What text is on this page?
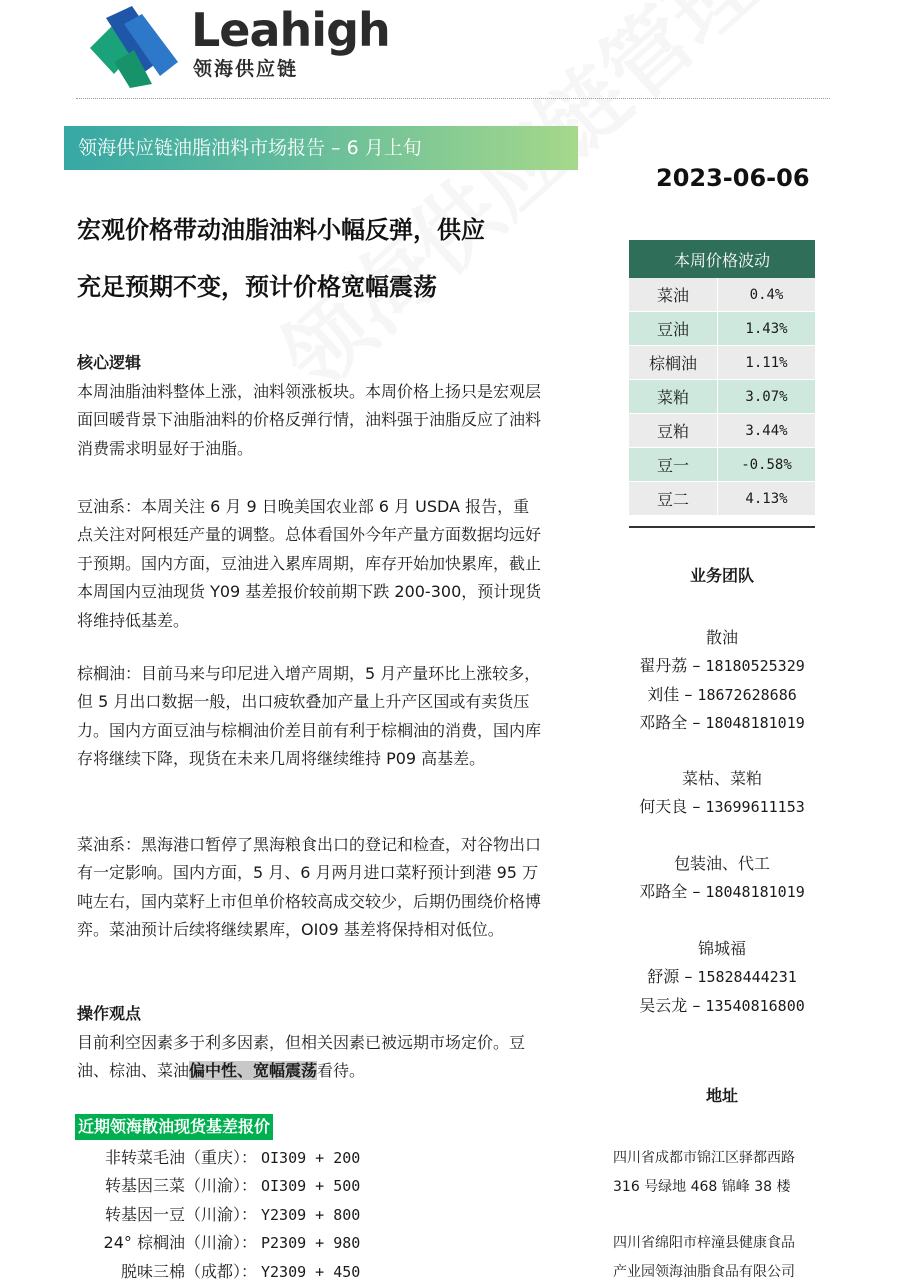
Leahigh
领海供应链
领海供应链油脂油料市场报告 – 6 月上旬
2023-06-06
宏观价格带动油脂油料小幅反弹，供应
充足预期不变，预计价格宽幅震荡
核心逻辑

本周油脂油料整体上涨，油料领涨板块。本周价格上扬只是宏观层面回暖背景下油脂油料的价格反弹行情，油料强于油脂反应了油料消费需求明显好于油脂。

豆油系：本周关注 6 月 9 日晚美国农业部 6 月 USDA 报告，重点关注对阿根廷产量的调整。总体看国外今年产量方面数据均远好于预期。国内方面，豆油进入累库周期，库存开始加快累库，截止本周国内豆油现货 Y09 基差报价较前期下跌 200-300，预计现货将维持低基差。

棕榈油：目前马来与印尼进入增产周期，5 月产量环比上涨较多，但 5 月出口数据一般，出口疲软叠加产量上升产区国或有卖货压力。国内方面豆油与棕榈油价差目前有利于棕榈油的消费，国内库存将继续下降，现货在未来几周将继续维持 P09 高基差。

菜油系：黑海港口暂停了黑海粮食出口的登记和检查，对谷物出口有一定影响。国内方面，5 月、6 月两月进口菜籽预计到港 95 万吨左右，国内菜籽上市但单价格较高成交较少，后期仍围绕价格博弈。菜油预计后续将继续累库，OI09 基差将保持相对低位。

操作观点

目前利空因素多于利多因素，但相关因素已被远期市场定价。豆油、棕油、菜油偏中性、宽幅震荡看待。

近期领海散油现货基差报价
非转菜毛油（重庆）： OI309 + 200
转基因三菜（川渝）： OI309 + 500
转基因一豆（川渝）： Y2309 + 800
24° 棕榈油（川渝）： P2309 + 980
脱味三棉（成都）： Y2309 + 450
本周价格波动	
菜油	0.4%
豆油	1.43%
棕榈油	1.11%
菜粕	3.07%
豆粕	3.44%
豆一	-0.58%
豆二	4.13%
业务团队
散油
翟丹荔 – 18180525329
刘佳 – 18672628686
邓路全 – 18048181019
菜枯、菜粕
何天良 – 13699611153
包装油、代工
邓路全 – 18048181019
锦城福
舒源 – 15828444231
吴云龙 – 13540816800
地址
四川省成都市锦江区驿都西路
316 号绿地 468 锦峰 38 楼
四川省绵阳市梓潼县健康食品
产业园领海油脂食品有限公司
